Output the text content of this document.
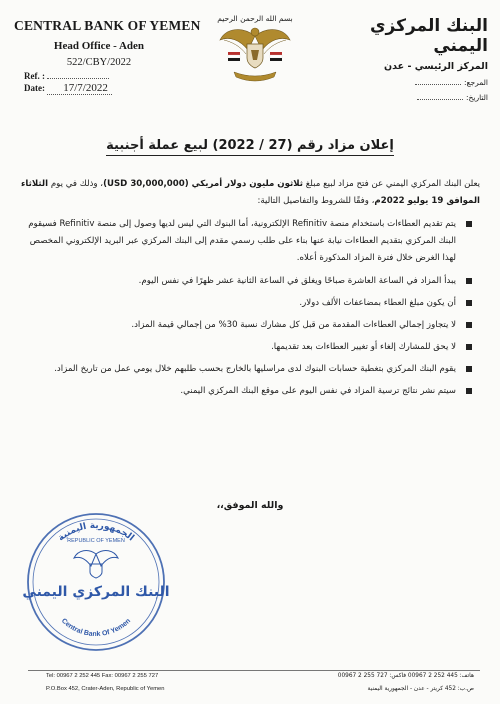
CENTRAL BANK OF YEMEN
Head Office - Aden
522/CBY/2022
Ref. :
Date: 17/7/2022
بسم الله الرحمن الرحيم	البنك المركزي اليمني
المركز الرئيسي - عدن
المرجع:
التاريخ:
إعلان مزاد رقم (27 / 2022) لبيع عملة أجنبية

يعلن البنك المركزي اليمني عن فتح مزاد لبيع مبلغ ثلاثون مليون دولار أمريكي (30,000,000 USD)، وذلك في يوم الثلاثاء الموافق 19 يوليو 2022م، وفقًا للشروط والتفاصيل التالية:

يتم تقديم العطاءات باستخدام منصة Refinitiv الإلكترونية، أما البنوك التي ليس لديها وصول إلى منصة Refinitiv فسيقوم البنك المركزي بتقديم العطاءات نيابة عنها بناء على طلب رسمي مقدم إلى البنك المركزي عبر البريد الإلكتروني المخصص لهذا الغرض خلال فترة المزاد المذكورة أعلاه.
يبدأ المزاد في الساعة العاشرة صباحًا ويغلق في الساعة الثانية عشر ظهرًا في نفس اليوم.
أن يكون مبلغ العطاء بمضاعفات الألف دولار.
لا يتجاوز إجمالي العطاءات المقدمة من قبل كل مشارك نسبة 30% من إجمالي قيمة المزاد.
لا يحق للمشارك إلغاء أو تغيير العطاءات بعد تقديمها.
يقوم البنك المركزي بتغطية حسابات البنوك لدى مراسليها بالخارج بحسب طلبهم خلال يومي عمل من تاريخ المزاد.
سيتم نشر نتائج ترسية المزاد في نفس اليوم على موقع البنك المركزي اليمني.
والله الموفق،،
الجمهورية اليمنية
REPUBLIC OF YEMEN
البنك المركزي اليمني
Central Bank Of Yemen
Tel: 00967 2 252 445 Fax: 00967 2 255 727
P.O.Box 452, Crater-Aden, Republic of Yemen
هاتف: 445 252 2 00967 فاكس: 727 255 2 00967
ص.ب: 452 كريتر - عدن - الجمهورية اليمنية
